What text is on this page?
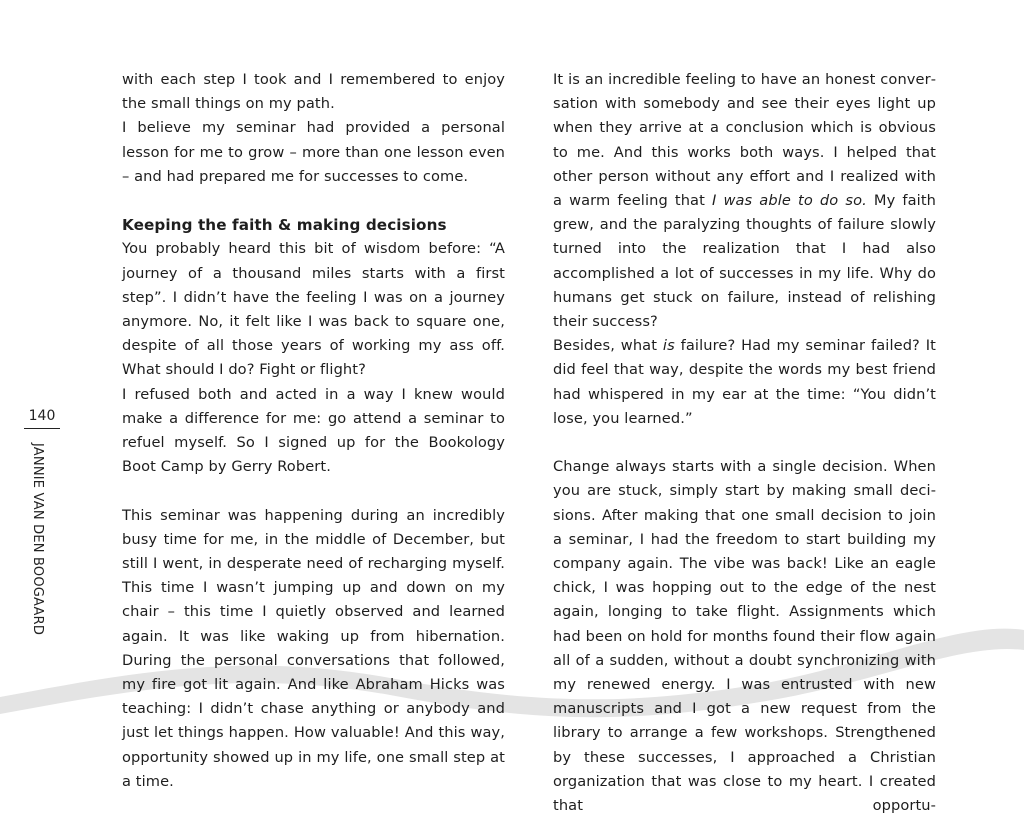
140
JANNIE VAN DEN BOOGAARD

with each step I took and I remembered to enjoy the small things on my path.

I believe my seminar had provided a personal lesson for me to grow – more than one lesson even – and had prepared me for successes to come.

Keeping the faith & making decisions

You probably heard this bit of wisdom before: “A journey of a thousand miles starts with a first step”. I didn’t have the feeling I was on a journey anymore. No, it felt like I was back to square one, despite of all those years of working my ass off. What should I do? Fight or flight?

I refused both and acted in a way I knew would make a difference for me: go attend a seminar to refuel myself. So I signed up for the Bookology Boot Camp by Gerry Robert.

This seminar was happening during an incredibly busy time for me, in the middle of December, but still I went, in desperate need of recharging myself. This time I wasn’t jumping up and down on my chair – this time I quietly observed and learned again. It was like waking up from hibernation. During the personal conversations that followed, my fire got lit again. And like Abraham Hicks was teaching: I didn’t chase anything or anybody and just let things happen. How valuable! And this way, opportunity showed up in my life, one small step at a time.

It is an incredible feeling to have an honest conversation with somebody and see their eyes light up when they arrive at a conclusion which is obvious to me. And this works both ways. I helped that other person without any effort and I realized with a warm feeling that I was able to do so. My faith grew, and the paralyzing thoughts of failure slowly turned into the realization that I had also accomplished a lot of successes in my life. Why do humans get stuck on failure, instead of relishing their success?

Besides, what is failure? Had my seminar failed? It did feel that way, despite the words my best friend had whispered in my ear at the time: “You didn’t lose, you learned.”

Change always starts with a single decision. When you are stuck, simply start by making small decisions. After making that one small decision to join a seminar, I had the freedom to start building my company again. The vibe was back! Like an eagle chick, I was hopping out to the edge of the nest again, longing to take flight. Assignments which had been on hold for months found their flow again all of a sudden, without a doubt synchronizing with my renewed energy. I was entrusted with new manuscripts and I got a new request from the library to arrange a few workshops. Strengthened by these successes, I approached a Christian organization that was close to my heart. I created that opportu-
